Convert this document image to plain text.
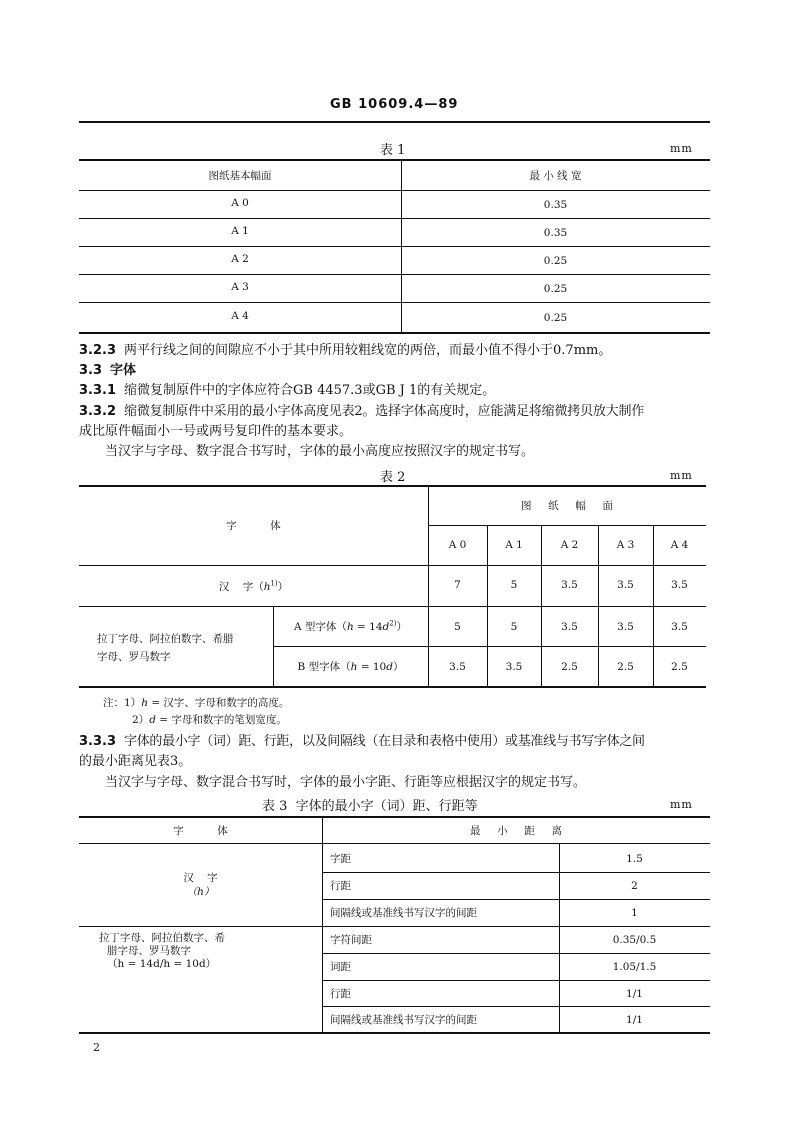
GB 10609.4—89
表 1	mm
图纸基本幅面	最 小 线 宽
A 0	0.35
A 1	0.35
A 2	0.25
A 3	0.25
A 4	0.25
3.2.3 两平行线之间的间隙应不小于其中所用较粗线宽的两倍，而最小值不得小于0.7mm。
3.3 字体
3.3.1 缩微复制原件中的字体应符合GB 4457.3或GB J 1的有关规定。
3.3.2 缩微复制原件中采用的最小字体高度见表2。选择字体高度时，应能满足将缩微拷贝放大制作
成比原件幅面小一号或两号复印件的基本要求。
当汉字与字母、数字混合书写时，字体的最小高度应按照汉字的规定书写。
表 2	mm
字          体
图     纸     幅     面
A 0	A 1	A 2	A 3	A 4
汉    字$(h^{1)})$	7	5	3.5	3.5	3.5
拉丁字母、阿拉伯数字、希腊
字母、罗马数字
A 型字体$(h = 14d^{2)})$	5	5	3.5	3.5	3.5
B 型字体（h = 10d）	3.5	3.5	2.5	2.5	2.5
注：1）h = 汉字、字母和数字的高度。
2）d = 字母和数字的笔划宽度。
3.3.3 字体的最小字（词）距、行距，以及间隔线（在目录和表格中使用）或基准线与书写字体之间
的最小距离见表3。
当汉字与字母、数字混合书写时，字体的最小字距、行距等应根据汉字的规定书写。
表 3  字体的最小字（词）距、行距等	mm
字          体	最     小     距     离
汉    字
（h）
字距	1.5
行距	2
间隔线或基准线书写汉字的间距	1
拉丁字母、阿拉伯数字、希
腊字母、罗马数字
（h = 14d/h = 10d）
字符间距	0.35/0.5
词距	1.05/1.5
行距	1/1
间隔线或基准线书写汉字的间距	1/1
2
